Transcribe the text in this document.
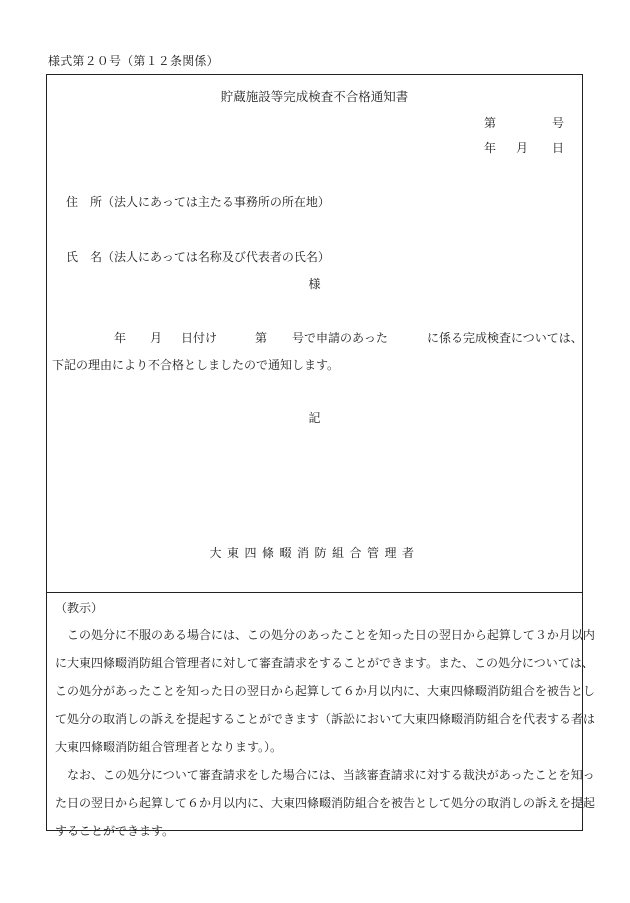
様式第２０号（第１２条関係）
貯蔵施設等完成検査不合格通知書
第	号
年 月 日
住　所（法人にあっては主たる事務所の所在地）
氏　名（法人にあっては名称及び代表者の氏名）
様
年 月 日付け	第 号で申請のあった	に係る完成検査については、
下記の理由により不合格としましたので通知します。
記
大東四條畷消防組合管理者
（教示）
　この処分に不服のある場合には、この処分のあったことを知った日の翌日から起算して３か月以内
に大東四條畷消防組合管理者に対して審査請求をすることができます。また、この処分については、
この処分があったことを知った日の翌日から起算して６か月以内に、大東四條畷消防組合を被告とし
て処分の取消しの訴えを提起することができます（訴訟において大東四條畷消防組合を代表する者は
大東四條畷消防組合管理者となります。）。
　なお、この処分について審査請求をした場合には、当該審査請求に対する裁決があったことを知っ
た日の翌日から起算して６か月以内に、大東四條畷消防組合を被告として処分の取消しの訴えを提起
することができます。
